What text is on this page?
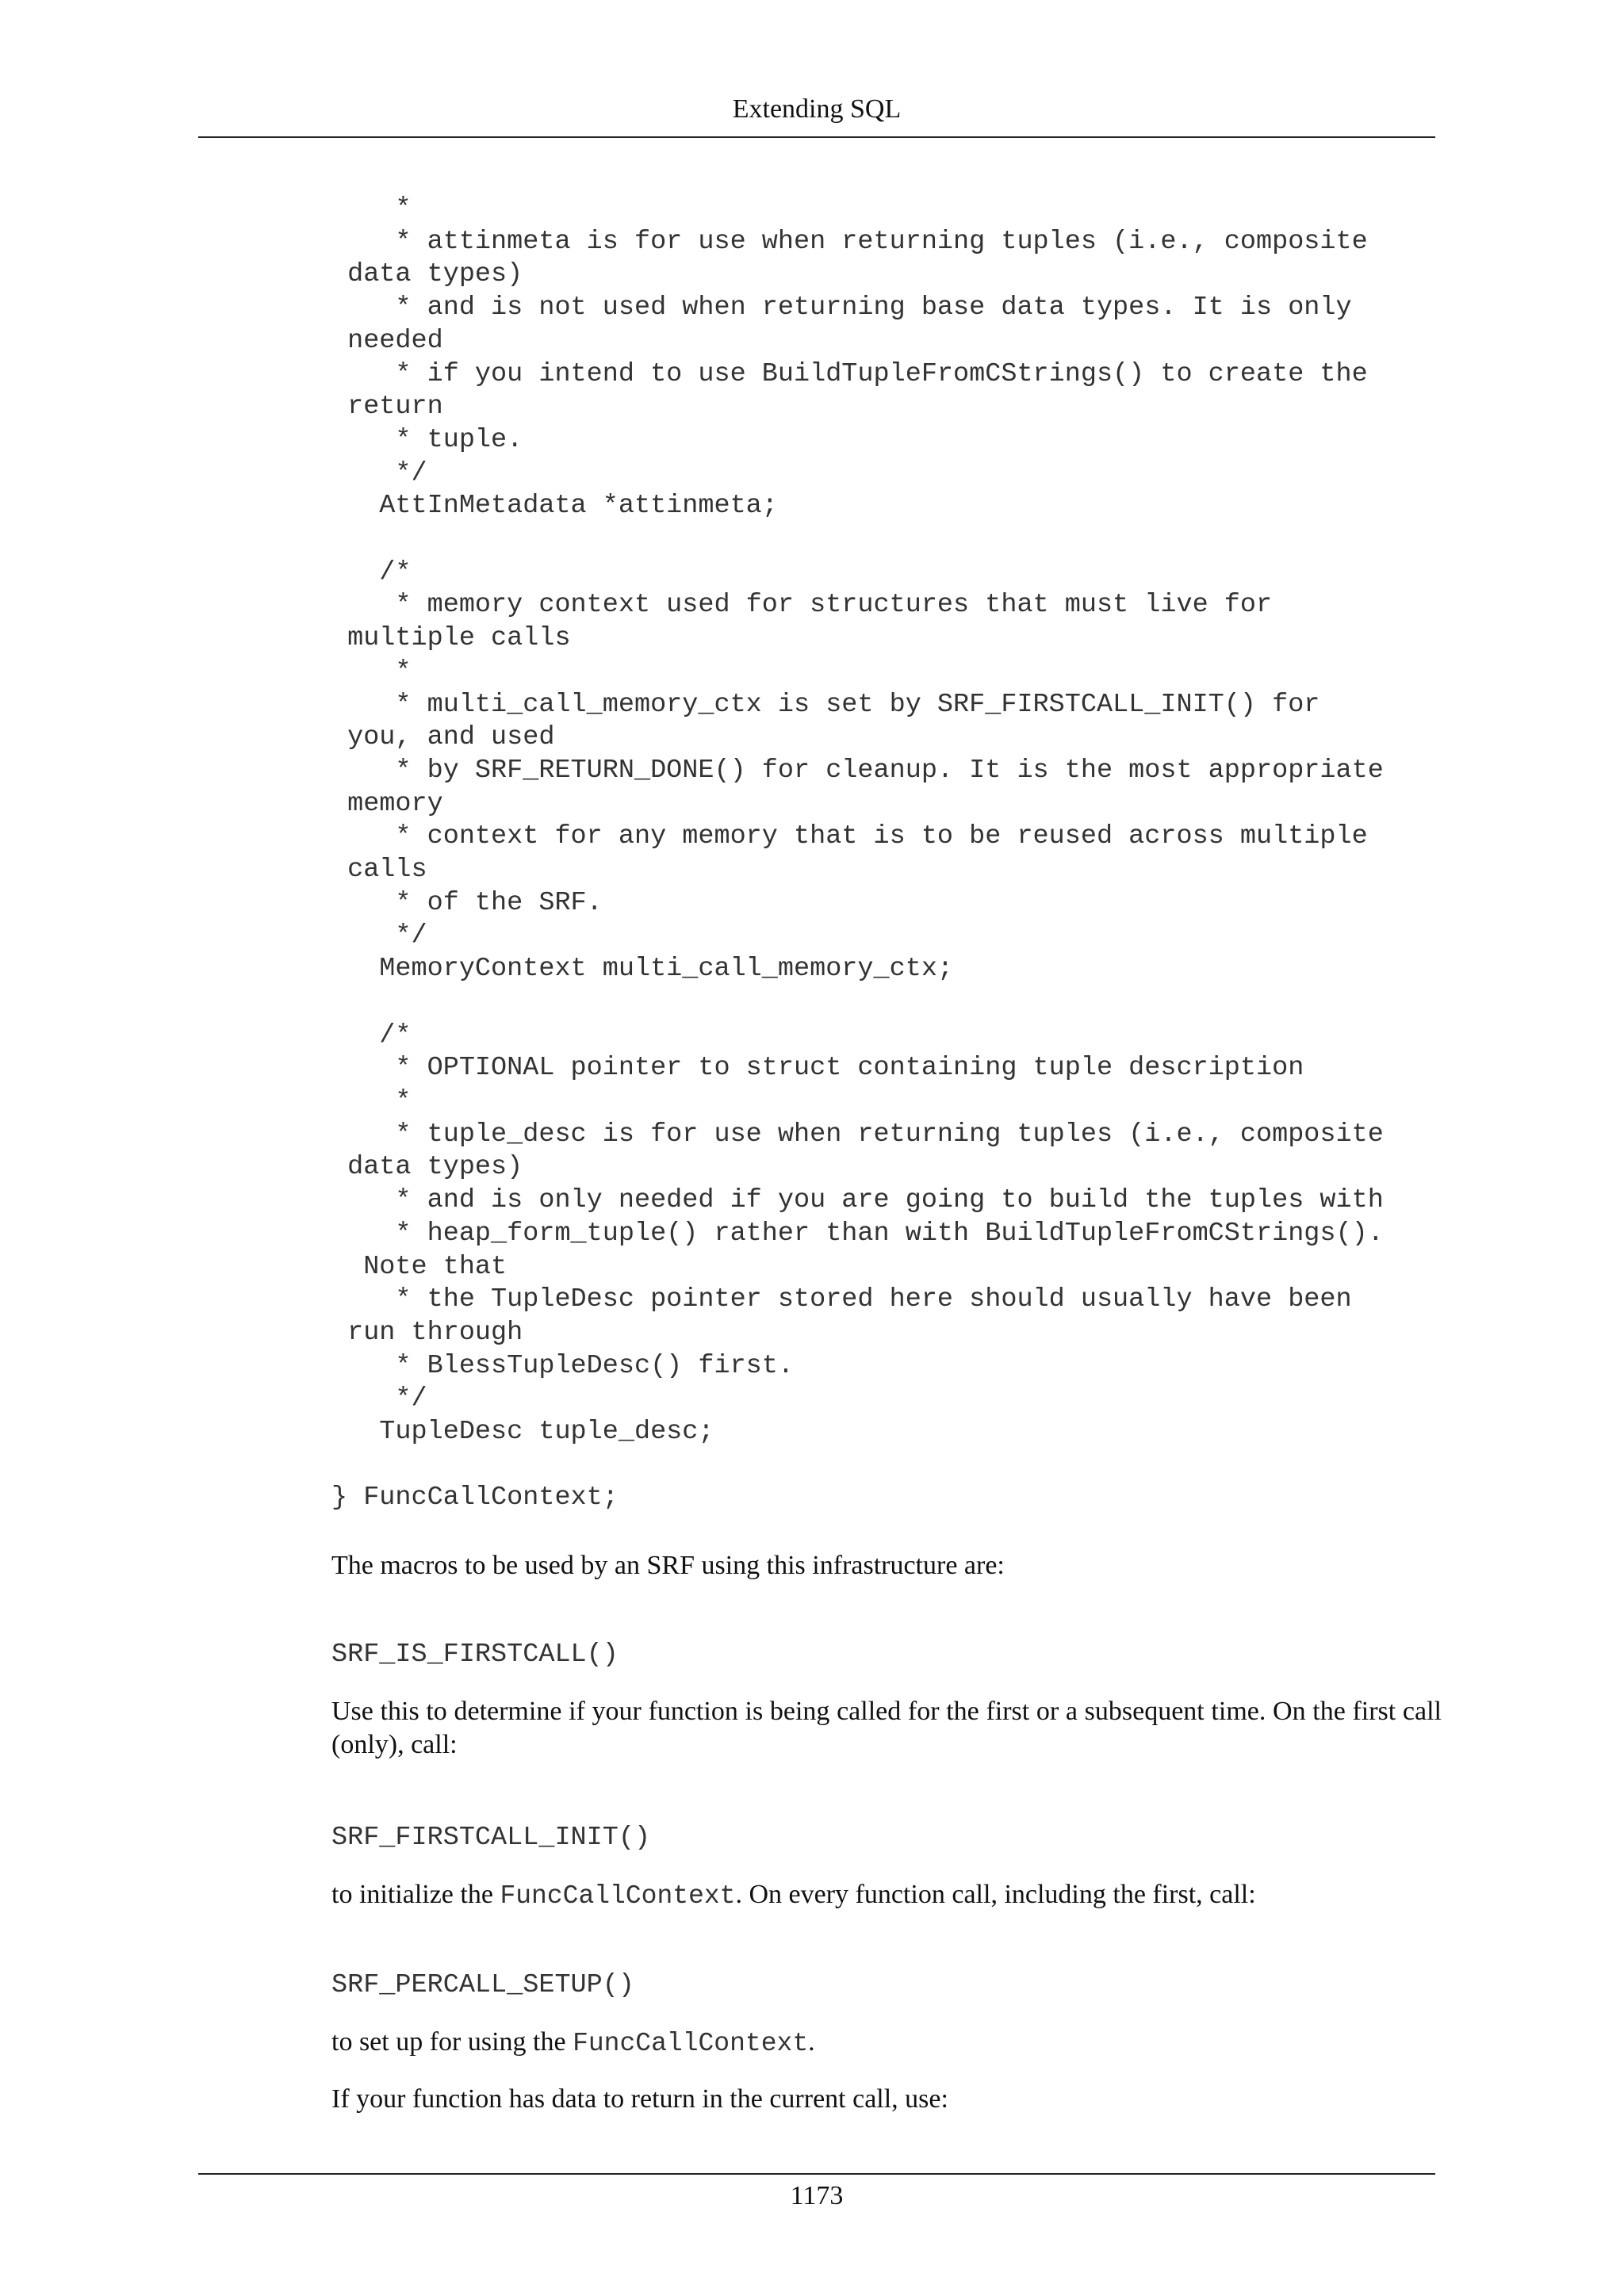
Extending SQL
*
* attinmeta is for use when returning tuples (i.e., composite
data types)
* and is not used when returning base data types. It is only
needed
* if you intend to use BuildTupleFromCStrings() to create the
return
* tuple.
*/
AttInMetadata *attinmeta;

/*
* memory context used for structures that must live for
multiple calls
*
* multi_call_memory_ctx is set by SRF_FIRSTCALL_INIT() for
you, and used
* by SRF_RETURN_DONE() for cleanup. It is the most appropriate
memory
* context for any memory that is to be reused across multiple
calls
* of the SRF.
*/
MemoryContext multi_call_memory_ctx;

/*
* OPTIONAL pointer to struct containing tuple description
*
* tuple_desc is for use when returning tuples (i.e., composite
data types)
* and is only needed if you are going to build the tuples with
* heap_form_tuple() rather than with BuildTupleFromCStrings().
Note that
* the TupleDesc pointer stored here should usually have been
run through
* BlessTupleDesc() first.
*/
TupleDesc tuple_desc;

} FuncCallContext;

The macros to be used by an SRF using this infrastructure are:

SRF_IS_FIRSTCALL()

Use this to determine if your function is being called for the first or a subsequent time. On the first call (only), call:

SRF_FIRSTCALL_INIT()

to initialize the FuncCallContext. On every function call, including the first, call:

SRF_PERCALL_SETUP()

to set up for using the FuncCallContext.

If your function has data to return in the current call, use:

1173
